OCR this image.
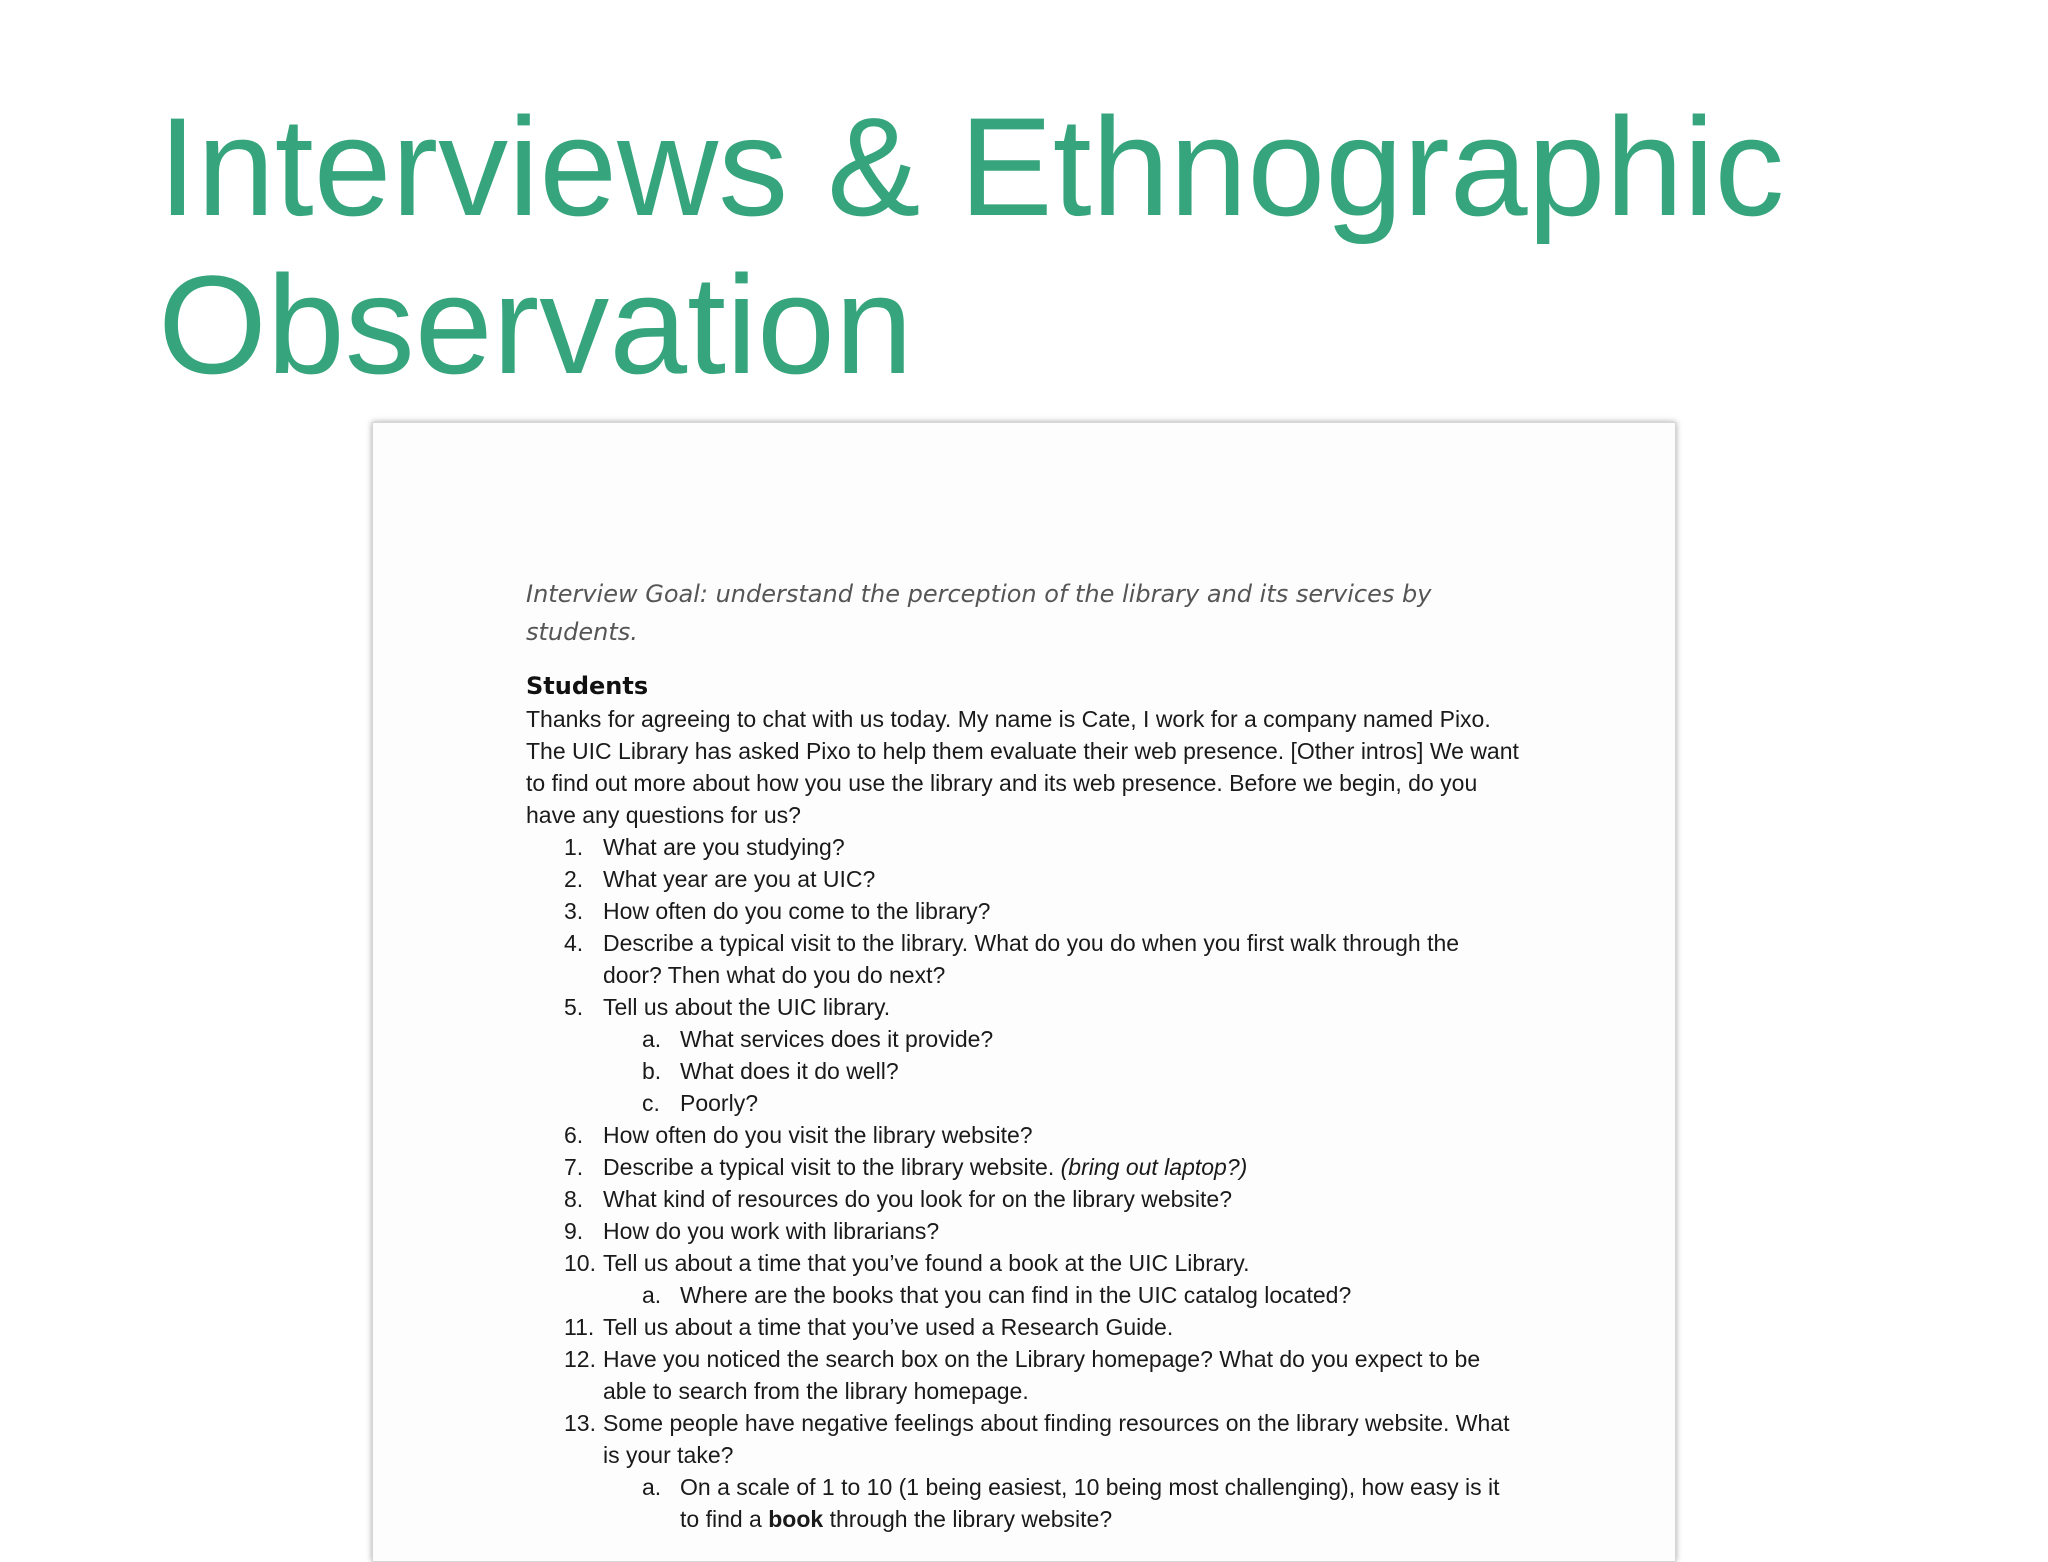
Interviews & Ethnographic
Observation

Interview Goal: understand the perception of the library and its services by students.

Students

Thanks for agreeing to chat with us today. My name is Cate, I work for a company named Pixo. The UIC Library has asked Pixo to help them evaluate their web presence. [Other intros] We want to find out more about how you use the library and its web presence. Before we begin, do you have any questions for us?

1. What are you studying?
2. What year are you at UIC?
3. How often do you come to the library?
4. Describe a typical visit to the library. What do you do when you first walk through the door? Then what do you do next?
5. Tell us about the UIC library.
a. What services does it provide?
b. What does it do well?
c. Poorly?
6. How often do you visit the library website?
7. Describe a typical visit to the library website. (bring out laptop?)
8. What kind of resources do you look for on the library website?
9. How do you work with librarians?
10. Tell us about a time that you’ve found a book at the UIC Library.
a. Where are the books that you can find in the UIC catalog located?
11. Tell us about a time that you’ve used a Research Guide.
12. Have you noticed the search box on the Library homepage? What do you expect to be able to search from the library homepage.
13. Some people have negative feelings about finding resources on the library website. What is your take?
a. On a scale of 1 to 10 (1 being easiest, 10 being most challenging), how easy is it to find a book through the library website?
